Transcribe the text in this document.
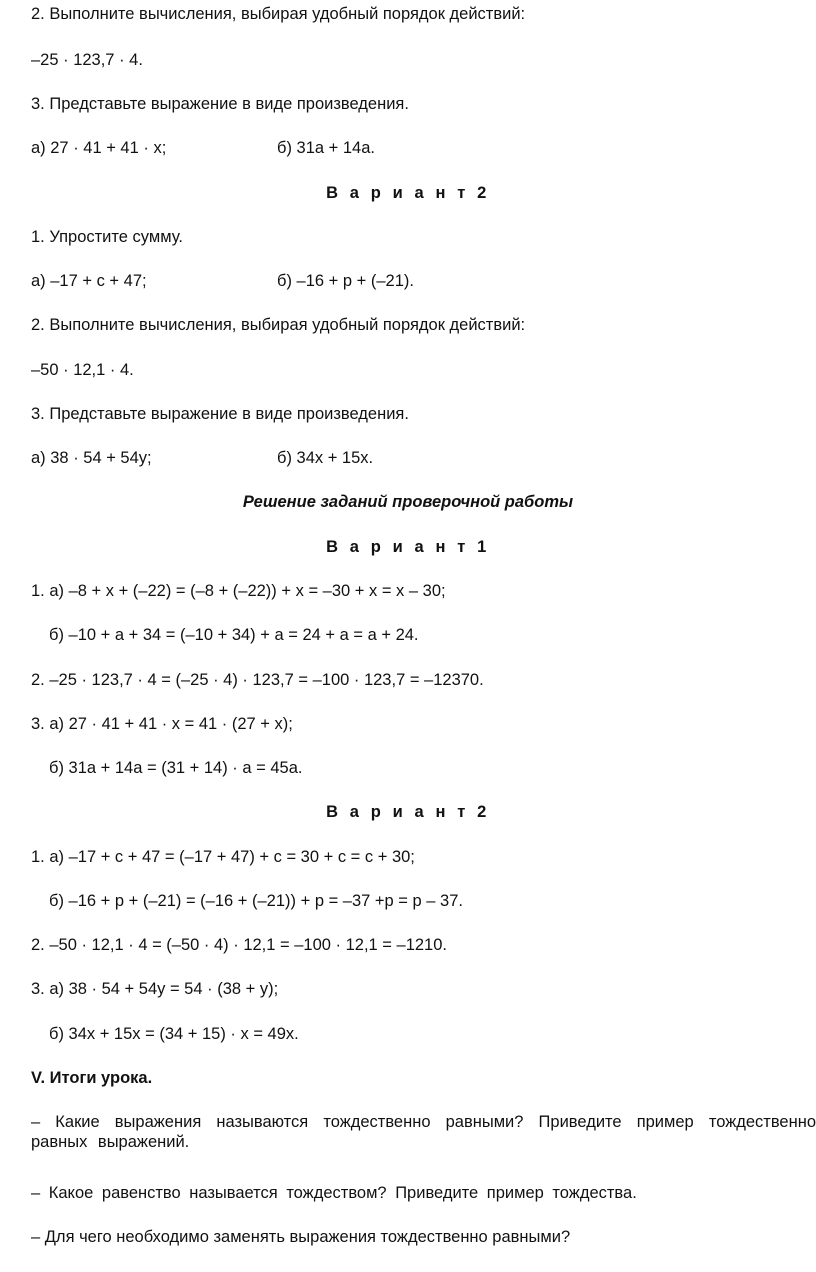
2. Выполните вычисления, выбирая удобный порядок действий:
–25 · 123,7 · 4.
3. Представьте выражение в виде произведения.
а) 27 · 41 + 41 · x;	б) 31a + 14a.
В а р и а н т 2
1. Упростите сумму.
а) –17 + c + 47;	б) –16 + p + (–21).
2. Выполните вычисления, выбирая удобный порядок действий:
–50 · 12,1 · 4.
3. Представьте выражение в виде произведения.
а) 38 · 54 + 54y;	б) 34x + 15x.
Решение заданий проверочной работы
В а р и а н т 1
1. а) –8 + x + (–22) = (–8 + (–22)) + x = –30 + x = x – 30;
б) –10 + a + 34 = (–10 + 34) + a = 24 + a = a + 24.
2. –25 · 123,7 · 4 = (–25 · 4) · 123,7 = –100 · 123,7 = –12370.
3. а) 27 · 41 + 41 · x = 41 · (27 + x);
б) 31a + 14a = (31 + 14) · a = 45a.
В а р и а н т 2
1. а) –17 + c + 47 = (–17 + 47) + c = 30 + c = c + 30;
б) –16 + p + (–21) = (–16 + (–21)) + p = –37 +p = p – 37.
2. –50 · 12,1 · 4 = (–50 · 4) · 12,1 = –100 · 12,1 = –1210.
3. а) 38 · 54 + 54y = 54 · (38 + y);
б) 34x + 15x = (34 + 15) · x = 49x.
V. Итоги урока.
– Какие выражения называются тождественно равными? Приведите пример тождественно равных выражений.
– Какое равенство называется тождеством? Приведите пример тождества.
– Для чего необходимо заменять выражения тождественно равными?
